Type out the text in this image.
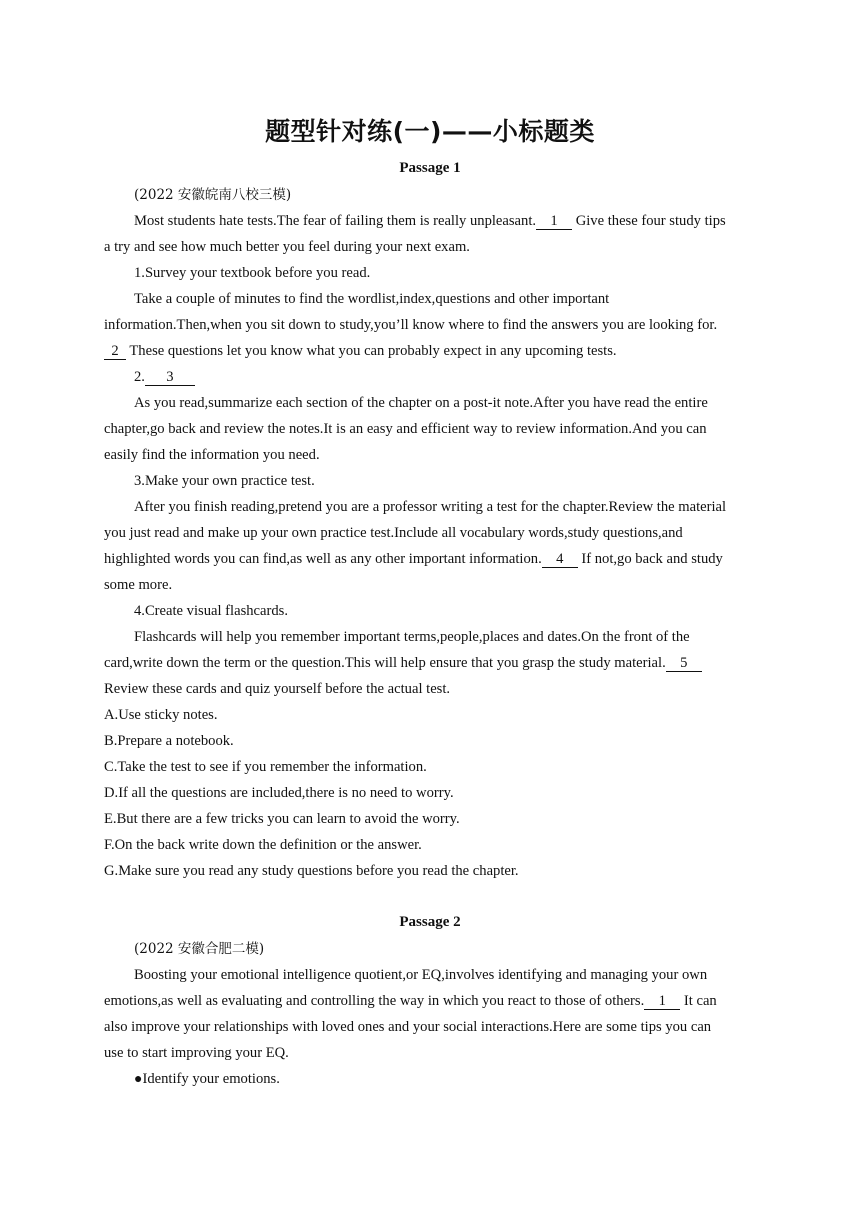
题型针对练(一)——小标题类
Passage 1
(2022 安徽皖南八校三模)
Most students hate tests.The fear of failing them is really unpleasant. 1 Give these four study tips
a try and see how much better you feel during your next exam.
1.Survey your textbook before you read.
Take a couple of minutes to find the wordlist,index,questions and other important
information.Then,when you sit down to study,you’ll know where to find the answers you are looking for.
2 These questions let you know what you can probably expect in any upcoming tests.
2. 3
As you read,summarize each section of the chapter on a post-it note.After you have read the entire
chapter,go back and review the notes.It is an easy and efficient way to review information.And you can
easily find the information you need.
3.Make your own practice test.
After you finish reading,pretend you are a professor writing a test for the chapter.Review the material
you just read and make up your own practice test.Include all vocabulary words,study questions,and
highlighted words you can find,as well as any other important information. 4 If not,go back and study
some more.
4.Create visual flashcards.
Flashcards will help you remember important terms,people,places and dates.On the front of the
card,write down the term or the question.This will help ensure that you grasp the study material. 5
Review these cards and quiz yourself before the actual test.
A.Use sticky notes.
B.Prepare a notebook.
C.Take the test to see if you remember the information.
D.If all the questions are included,there is no need to worry.
E.But there are a few tricks you can learn to avoid the worry.
F.On the back write down the definition or the answer.
G.Make sure you read any study questions before you read the chapter.
Passage 2
(2022 安徽合肥二模)
Boosting your emotional intelligence quotient,or EQ,involves identifying and managing your own
emotions,as well as evaluating and controlling the way in which you react to those of others. 1 It can
also improve your relationships with loved ones and your social interactions.Here are some tips you can
use to start improving your EQ.
●Identify your emotions.
